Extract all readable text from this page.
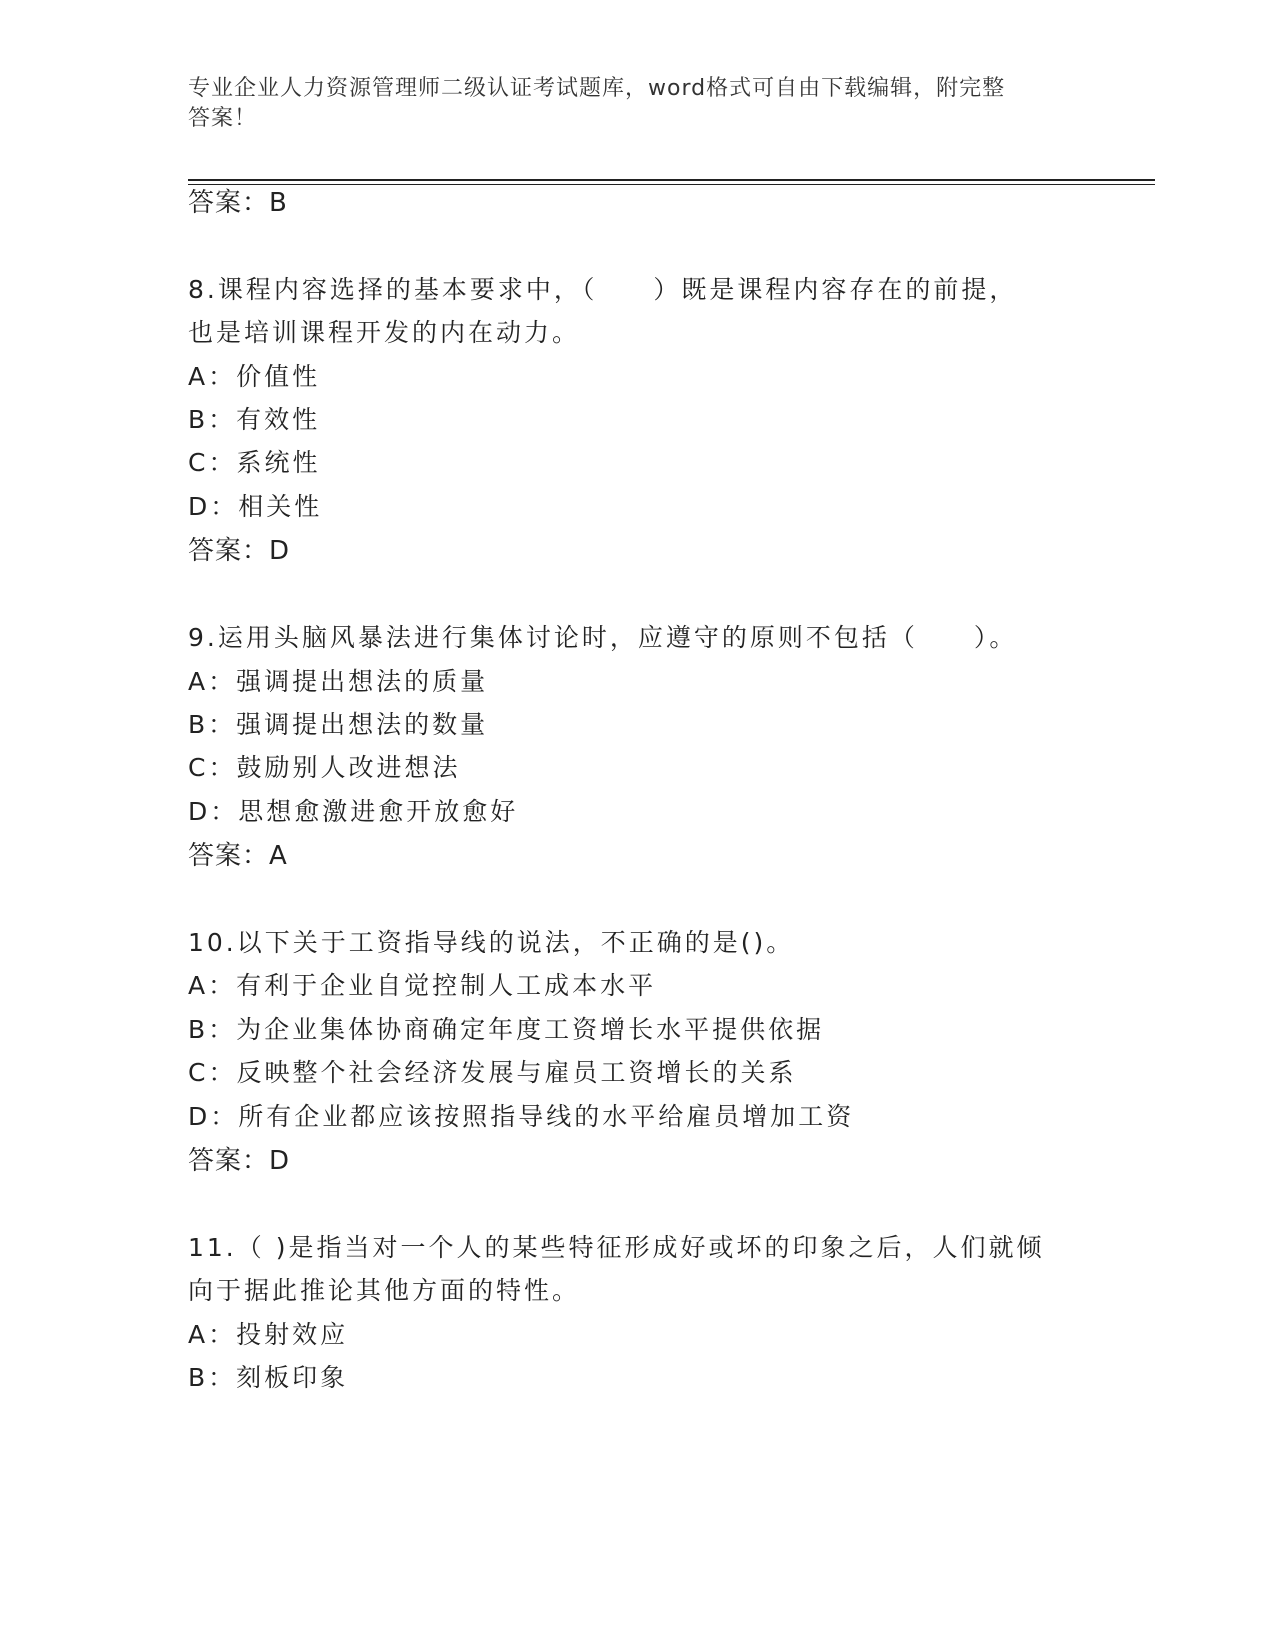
专业企业人力资源管理师二级认证考试题库，word格式可自由下载编辑，附完整
答案！
答案：B
8.课程内容选择的基本要求中，（　　）既是课程内容存在的前提，
也是培训课程开发的内在动力。
A：价值性
B：有效性
C：系统性
D：相关性
答案：D
9.运用头脑风暴法进行集体讨论时，应遵守的原则不包括（　　）。
A：强调提出想法的质量
B：强调提出想法的数量
C：鼓励别人改进想法
D：思想愈激进愈开放愈好
答案：A
10.以下关于工资指导线的说法，不正确的是()。
A：有利于企业自觉控制人工成本水平
B：为企业集体协商确定年度工资增长水平提供依据
C：反映整个社会经济发展与雇员工资增长的关系
D：所有企业都应该按照指导线的水平给雇员增加工资
答案：D
11.（ )是指当对一个人的某些特征形成好或坏的印象之后，人们就倾
向于据此推论其他方面的特性。
A：投射效应
B：刻板印象
